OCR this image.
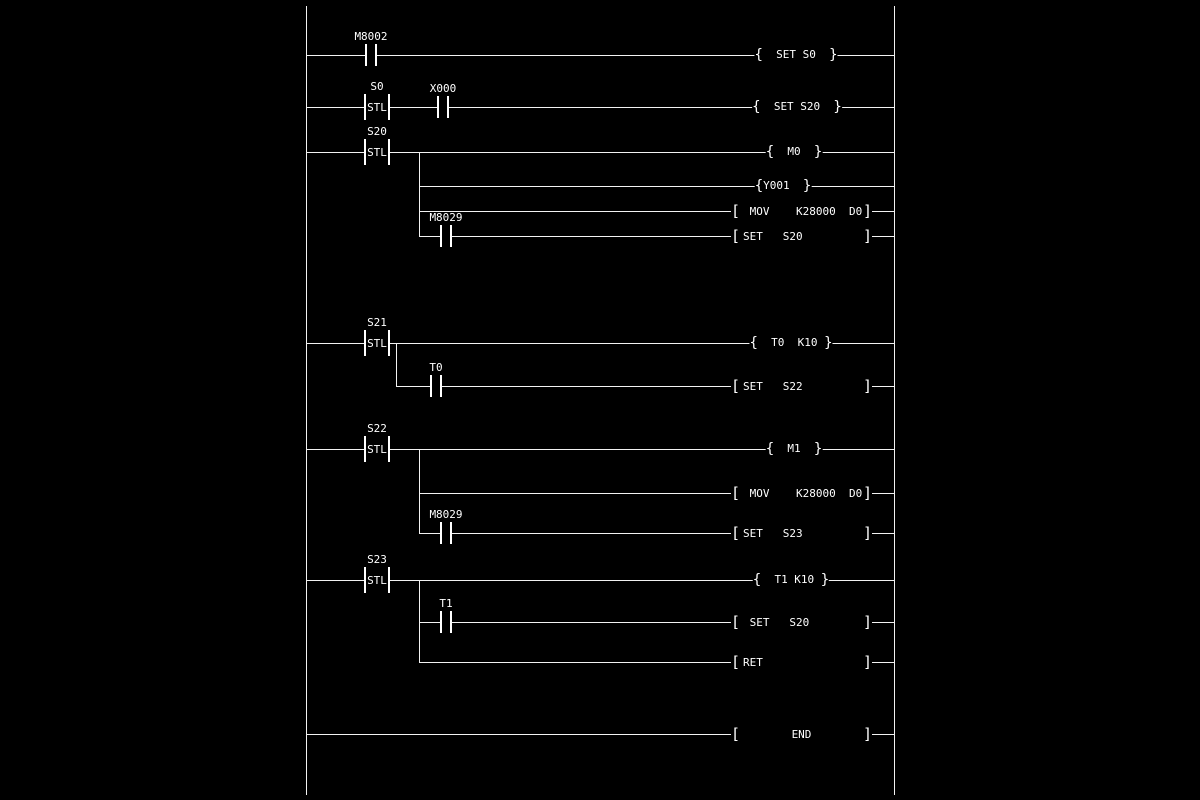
M8002
X000
M8029
T0
M8029
T1
STL
S0
STL
S20
STL
S21
STL
S22
STL
S23
{ SET S0 }
{ SET S20 }
{ M0 }
{ Y001 }
{ T0  K10 }
{ M1 }
{ T1 K10 }
[ MOV    K28000  D0 ]
[ SET   S20	]
[ SET   S22	]
[ MOV    K28000  D0 ]
[ SET   S23	]
[ SET   S20	]
[ RET	]
[	END	]
